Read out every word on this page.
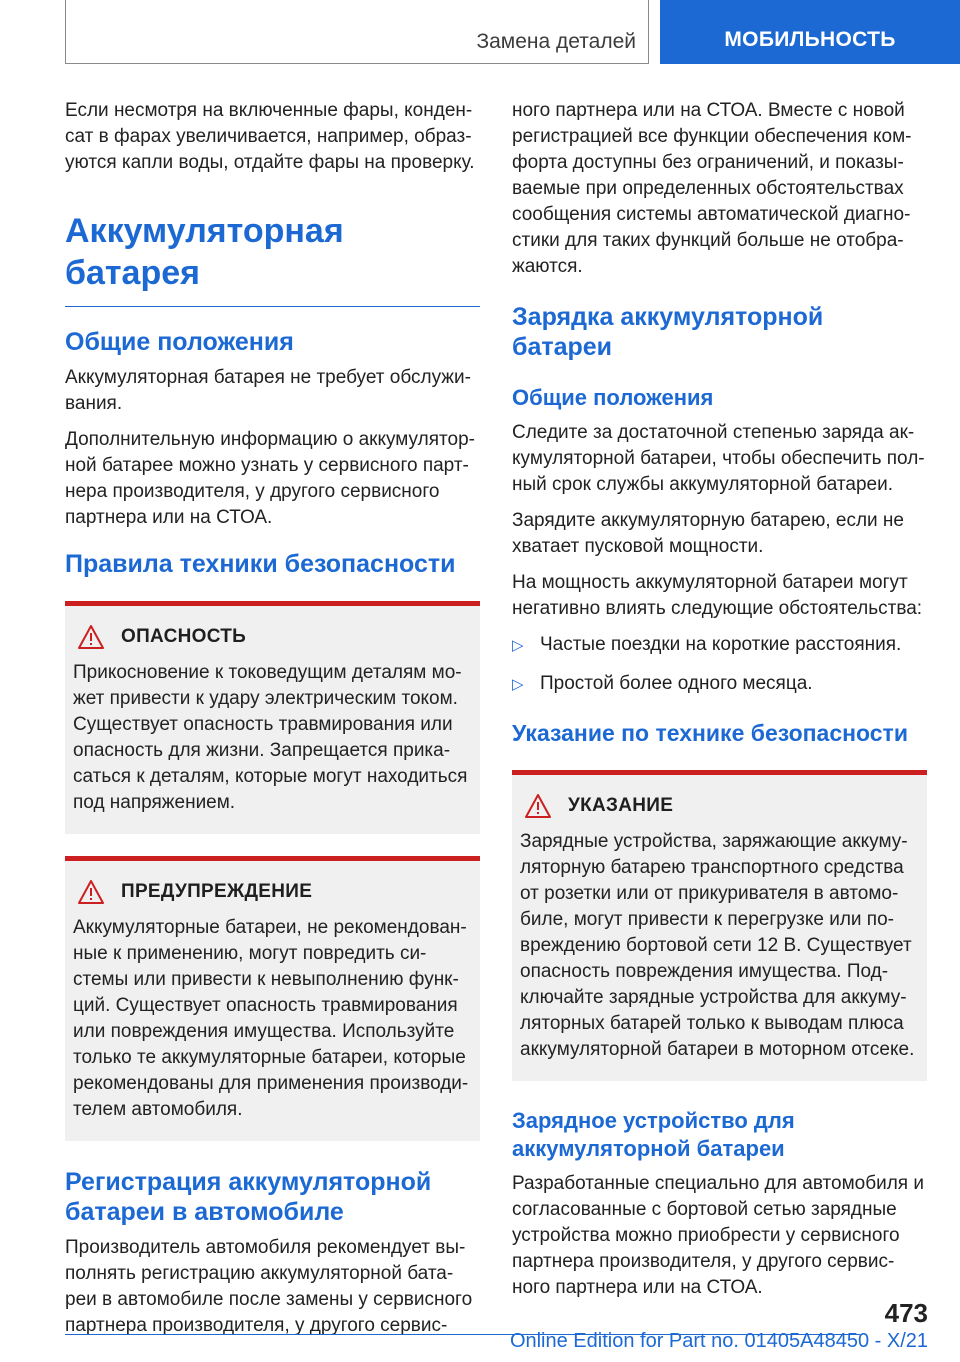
Замена деталей	МОБИЛЬНОСТЬ

Если несмотря на включенные фары, конден-сат в фарах увеличивается, например, образ-уются капли воды, отдайте фары на проверку.

Аккумуляторная батарея
Общие положения

Аккумуляторная батарея не требует обслужи-вания.

Дополнительную информацию о аккумулятор-ной батарее можно узнать у сервисного парт-нера производителя, у другого сервисного партнера или на СТОА.

Правила техники безопасности
ОПАСНОСТЬ

Прикосновение к токоведущим деталям мо-жет привести к удару электрическим током. Существует опасность травмирования или опасность для жизни. Запрещается прика-саться к деталям, которые могут находиться под напряжением.

ПРЕДУПРЕЖДЕНИЕ

Аккумуляторные батареи, не рекомендован-ные к применению, могут повредить си-стемы или привести к невыполнению функ-ций. Существует опасность травмирования или повреждения имущества. Используйте только те аккумуляторные батареи, которые рекомендованы для применения производи-телем автомобиля.

Регистрация аккумуляторной батареи в автомобиле

Производитель автомобиля рекомендует вы-полнять регистрацию аккумуляторной бата-реи в автомобиле после замены у сервисного партнера производителя, у другого сервис-

ного партнера или на СТОА. Вместе с новой регистрацией все функции обеспечения ком-форта доступны без ограничений, и показы-ваемые при определенных обстоятельствах сообщения системы автоматической диагно-стики для таких функций больше не отобра-жаются.

Зарядка аккумуляторной батареи
Общие положения

Следите за достаточной степенью заряда ак-кумуляторной батареи, чтобы обеспечить пол-ный срок службы аккумуляторной батареи.

Зарядите аккумуляторную батарею, если не хватает пусковой мощности.

На мощность аккумуляторной батареи могут негативно влиять следующие обстоятельства:

▷ Частые поездки на короткие расстояния.
▷ Простой более одного месяца.
Указание по технике безопасности
УКАЗАНИЕ

Зарядные устройства, заряжающие аккуму-ляторную батарею транспортного средства от розетки или от прикуривателя в автомо-биле, могут привести к перегрузке или по-вреждению бортовой сети 12 В. Существует опасность повреждения имущества. Под-ключайте зарядные устройства для аккуму-ляторных батарей только к выводам плюса аккумуляторной батареи в моторном отсеке.

Зарядное устройство для аккумуляторной батареи

Разработанные специально для автомобиля и согласованные с бортовой сетью зарядные устройства можно приобрести у сервисного партнера производителя, у другого сервис-ного партнера или на СТОА.

473
Online Edition for Part no. 01405A48450 - X/21
